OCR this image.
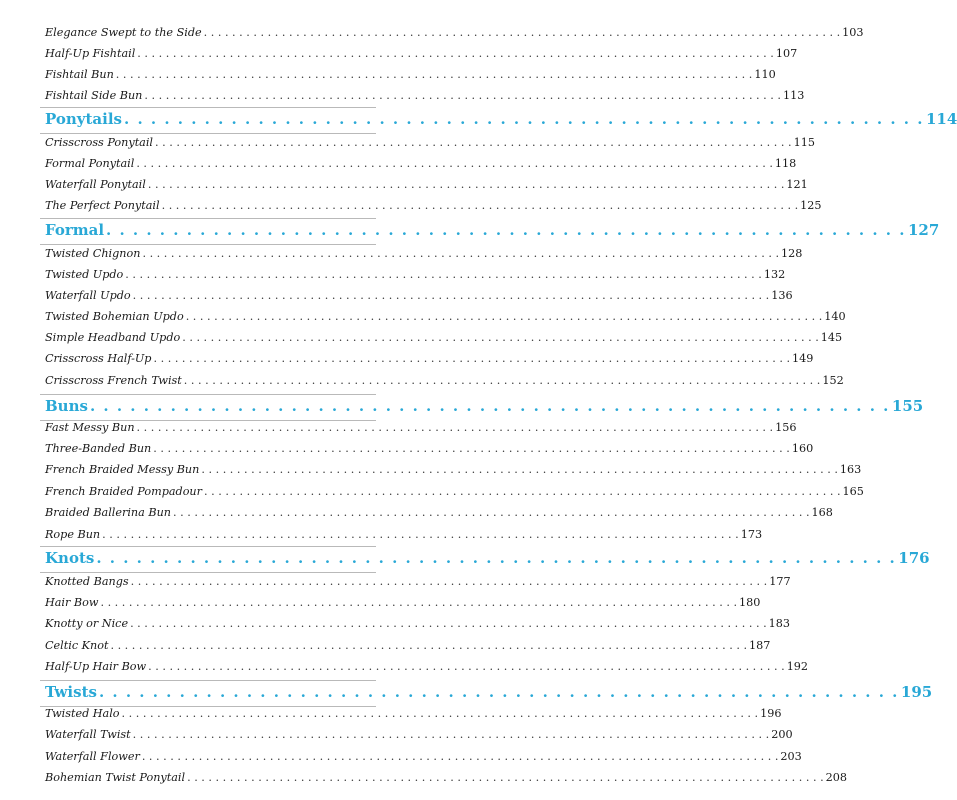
Elegance Swept to the Side . . . . . . . . . . . . . . . . . . . . . . . . . . . . . . . . . . . . . . . . . . . . . . . . . . . . . . . . . . . . . . . . . . . . . . . . . . . . . . . . . . . . . . . . . . 103
Half-Up Fishtail . . . . . . . . . . . . . . . . . . . . . . . . . . . . . . . . . . . . . . . . . . . . . . . . . . . . . . . . . . . . . . . . . . . . . . . . . . . . . . . . . . . . . . . . . . 107
Fishtail Bun . . . . . . . . . . . . . . . . . . . . . . . . . . . . . . . . . . . . . . . . . . . . . . . . . . . . . . . . . . . . . . . . . . . . . . . . . . . . . . . . . . . . . . . . . . 110
Fishtail Side Bun . . . . . . . . . . . . . . . . . . . . . . . . . . . . . . . . . . . . . . . . . . . . . . . . . . . . . . . . . . . . . . . . . . . . . . . . . . . . . . . . . . . . . . . . . . 113
Ponytails . . . . . . . . . . . . . . . . . . . . . . . . . . . . . . . . . . . . . . . . . . . . . . . . . . . . . . . . . . . . 114
Crisscross Ponytail . . . . . . . . . . . . . . . . . . . . . . . . . . . . . . . . . . . . . . . . . . . . . . . . . . . . . . . . . . . . . . . . . . . . . . . . . . . . . . . . . . . . . . . . . . 115
Formal Ponytail . . . . . . . . . . . . . . . . . . . . . . . . . . . . . . . . . . . . . . . . . . . . . . . . . . . . . . . . . . . . . . . . . . . . . . . . . . . . . . . . . . . . . . . . . . 118
Waterfall Ponytail . . . . . . . . . . . . . . . . . . . . . . . . . . . . . . . . . . . . . . . . . . . . . . . . . . . . . . . . . . . . . . . . . . . . . . . . . . . . . . . . . . . . . . . . . . 121
The Perfect Ponytail . . . . . . . . . . . . . . . . . . . . . . . . . . . . . . . . . . . . . . . . . . . . . . . . . . . . . . . . . . . . . . . . . . . . . . . . . . . . . . . . . . . . . . . . . . 125
Formal . . . . . . . . . . . . . . . . . . . . . . . . . . . . . . . . . . . . . . . . . . . . . . . . . . . . . . . . . . . . 127
Twisted Chignon . . . . . . . . . . . . . . . . . . . . . . . . . . . . . . . . . . . . . . . . . . . . . . . . . . . . . . . . . . . . . . . . . . . . . . . . . . . . . . . . . . . . . . . . . . 128
Twisted Updo . . . . . . . . . . . . . . . . . . . . . . . . . . . . . . . . . . . . . . . . . . . . . . . . . . . . . . . . . . . . . . . . . . . . . . . . . . . . . . . . . . . . . . . . . . 132
Waterfall Updo . . . . . . . . . . . . . . . . . . . . . . . . . . . . . . . . . . . . . . . . . . . . . . . . . . . . . . . . . . . . . . . . . . . . . . . . . . . . . . . . . . . . . . . . . . 136
Twisted Bohemian Updo . . . . . . . . . . . . . . . . . . . . . . . . . . . . . . . . . . . . . . . . . . . . . . . . . . . . . . . . . . . . . . . . . . . . . . . . . . . . . . . . . . . . . . . . . . 140
Simple Headband Updo . . . . . . . . . . . . . . . . . . . . . . . . . . . . . . . . . . . . . . . . . . . . . . . . . . . . . . . . . . . . . . . . . . . . . . . . . . . . . . . . . . . . . . . . . . 145
Crisscross Half-Up . . . . . . . . . . . . . . . . . . . . . . . . . . . . . . . . . . . . . . . . . . . . . . . . . . . . . . . . . . . . . . . . . . . . . . . . . . . . . . . . . . . . . . . . . . 149
Crisscross French Twist . . . . . . . . . . . . . . . . . . . . . . . . . . . . . . . . . . . . . . . . . . . . . . . . . . . . . . . . . . . . . . . . . . . . . . . . . . . . . . . . . . . . . . . . . . 152
Buns . . . . . . . . . . . . . . . . . . . . . . . . . . . . . . . . . . . . . . . . . . . . . . . . . . . . . . . . . . . . 155
Fast Messy Bun . . . . . . . . . . . . . . . . . . . . . . . . . . . . . . . . . . . . . . . . . . . . . . . . . . . . . . . . . . . . . . . . . . . . . . . . . . . . . . . . . . . . . . . . . . 156
Three-Banded Bun . . . . . . . . . . . . . . . . . . . . . . . . . . . . . . . . . . . . . . . . . . . . . . . . . . . . . . . . . . . . . . . . . . . . . . . . . . . . . . . . . . . . . . . . . . 160
French Braided Messy Bun . . . . . . . . . . . . . . . . . . . . . . . . . . . . . . . . . . . . . . . . . . . . . . . . . . . . . . . . . . . . . . . . . . . . . . . . . . . . . . . . . . . . . . . . . . 163
French Braided Pompadour . . . . . . . . . . . . . . . . . . . . . . . . . . . . . . . . . . . . . . . . . . . . . . . . . . . . . . . . . . . . . . . . . . . . . . . . . . . . . . . . . . . . . . . . . . 165
Braided Ballerina Bun . . . . . . . . . . . . . . . . . . . . . . . . . . . . . . . . . . . . . . . . . . . . . . . . . . . . . . . . . . . . . . . . . . . . . . . . . . . . . . . . . . . . . . . . . . 168
Rope Bun . . . . . . . . . . . . . . . . . . . . . . . . . . . . . . . . . . . . . . . . . . . . . . . . . . . . . . . . . . . . . . . . . . . . . . . . . . . . . . . . . . . . . . . . . . 173
Knots . . . . . . . . . . . . . . . . . . . . . . . . . . . . . . . . . . . . . . . . . . . . . . . . . . . . . . . . . . . . 176
Knotted Bangs . . . . . . . . . . . . . . . . . . . . . . . . . . . . . . . . . . . . . . . . . . . . . . . . . . . . . . . . . . . . . . . . . . . . . . . . . . . . . . . . . . . . . . . . . . 177
Hair Bow . . . . . . . . . . . . . . . . . . . . . . . . . . . . . . . . . . . . . . . . . . . . . . . . . . . . . . . . . . . . . . . . . . . . . . . . . . . . . . . . . . . . . . . . . . 180
Knotty or Nice . . . . . . . . . . . . . . . . . . . . . . . . . . . . . . . . . . . . . . . . . . . . . . . . . . . . . . . . . . . . . . . . . . . . . . . . . . . . . . . . . . . . . . . . . . 183
Celtic Knot . . . . . . . . . . . . . . . . . . . . . . . . . . . . . . . . . . . . . . . . . . . . . . . . . . . . . . . . . . . . . . . . . . . . . . . . . . . . . . . . . . . . . . . . . . 187
Half-Up Hair Bow . . . . . . . . . . . . . . . . . . . . . . . . . . . . . . . . . . . . . . . . . . . . . . . . . . . . . . . . . . . . . . . . . . . . . . . . . . . . . . . . . . . . . . . . . . 192
Twists . . . . . . . . . . . . . . . . . . . . . . . . . . . . . . . . . . . . . . . . . . . . . . . . . . . . . . . . . . . . 195
Twisted Halo . . . . . . . . . . . . . . . . . . . . . . . . . . . . . . . . . . . . . . . . . . . . . . . . . . . . . . . . . . . . . . . . . . . . . . . . . . . . . . . . . . . . . . . . . . 196
Waterfall Twist . . . . . . . . . . . . . . . . . . . . . . . . . . . . . . . . . . . . . . . . . . . . . . . . . . . . . . . . . . . . . . . . . . . . . . . . . . . . . . . . . . . . . . . . . . 200
Waterfall Flower . . . . . . . . . . . . . . . . . . . . . . . . . . . . . . . . . . . . . . . . . . . . . . . . . . . . . . . . . . . . . . . . . . . . . . . . . . . . . . . . . . . . . . . . . . 203
Bohemian Twist Ponytail . . . . . . . . . . . . . . . . . . . . . . . . . . . . . . . . . . . . . . . . . . . . . . . . . . . . . . . . . . . . . . . . . . . . . . . . . . . . . . . . . . . . . . . . . . 208
